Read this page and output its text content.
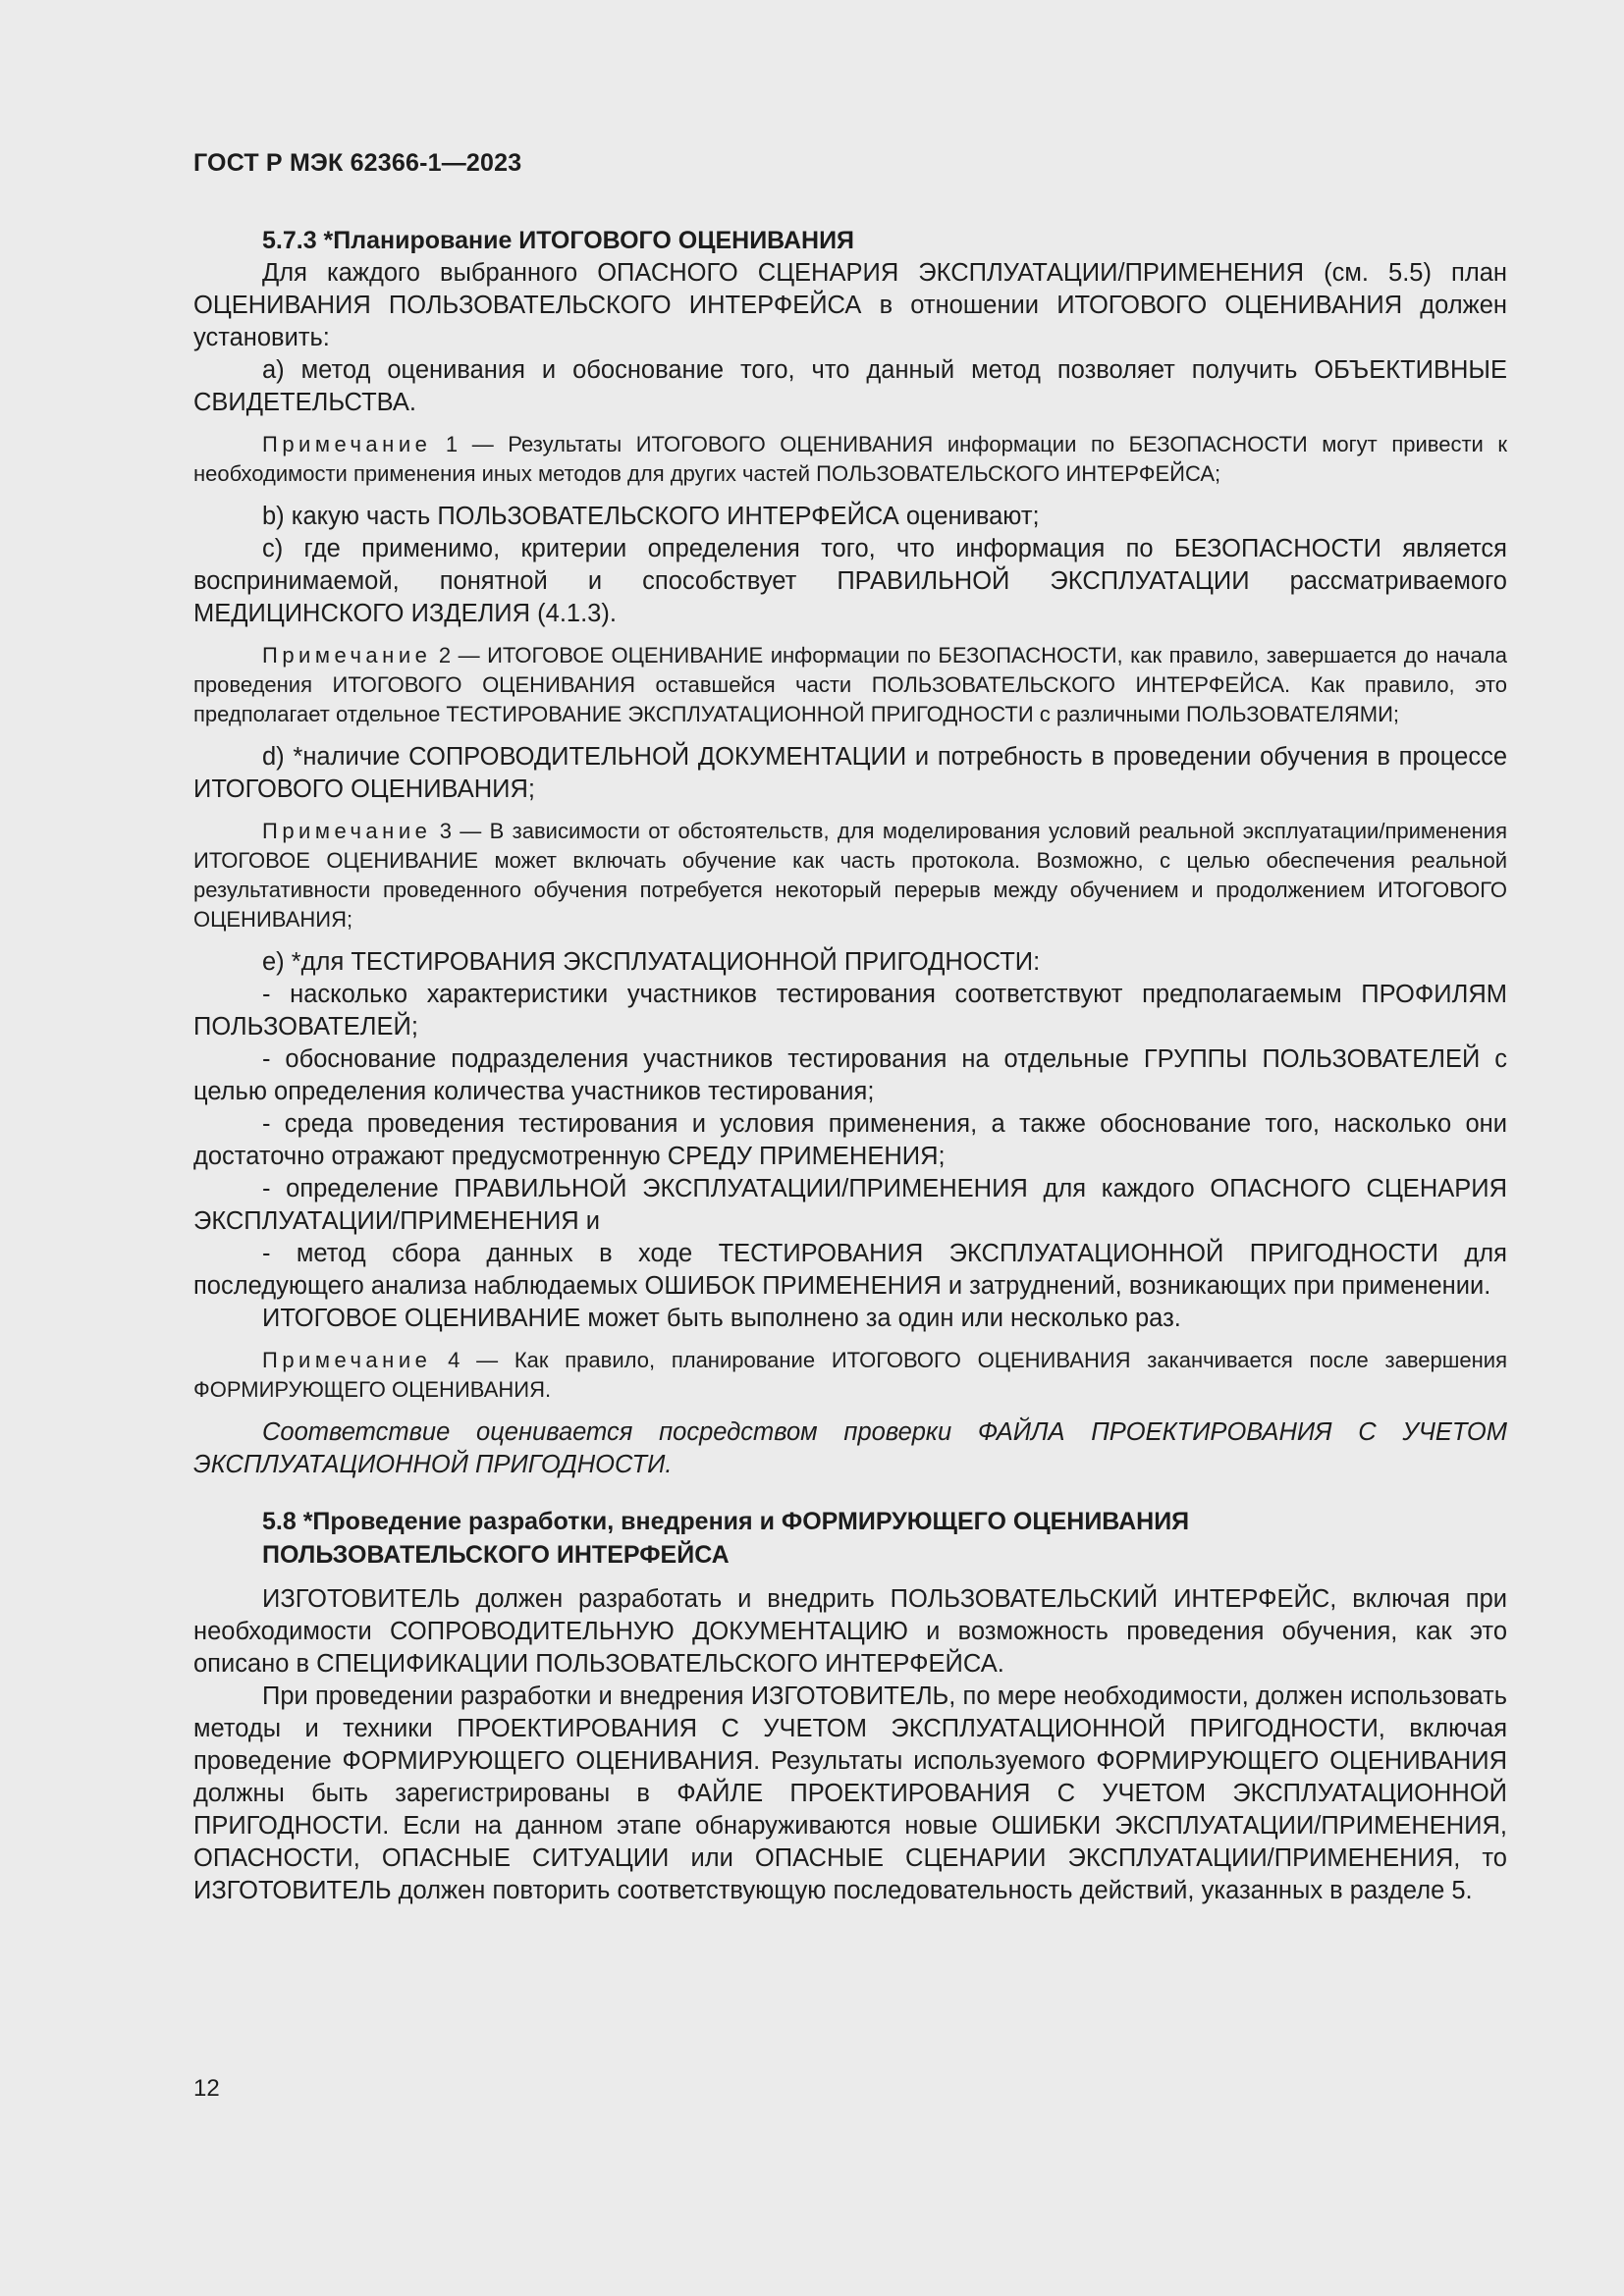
ГОСТ Р МЭК 62366-1—2023

5.7.3 *Планирование ИТОГОВОГО ОЦЕНИВАНИЯ

Для каждого выбранного ОПАСНОГО СЦЕНАРИЯ ЭКСПЛУАТАЦИИ/ПРИМЕНЕНИЯ (см. 5.5) план ОЦЕНИВАНИЯ ПОЛЬЗОВАТЕЛЬСКОГО ИНТЕРФЕЙСА в отношении ИТОГОВОГО ОЦЕНИВАНИЯ должен установить:

а) метод оценивания и обоснование того, что данный метод позволяет получить ОБЪЕКТИВНЫЕ СВИДЕТЕЛЬСТВА.

Примечание 1 — Результаты ИТОГОВОГО ОЦЕНИВАНИЯ информации по БЕЗОПАСНОСТИ могут привести к необходимости применения иных методов для других частей ПОЛЬЗОВАТЕЛЬСКОГО ИНТЕРФЕЙСА;

b) какую часть ПОЛЬЗОВАТЕЛЬСКОГО ИНТЕРФЕЙСА оценивают;

с) где применимо, критерии определения того, что информация по БЕЗОПАСНОСТИ является воспринимаемой, понятной и способствует ПРАВИЛЬНОЙ ЭКСПЛУАТАЦИИ рассматриваемого МЕДИЦИНСКОГО ИЗДЕЛИЯ (4.1.3).

Примечание 2 — ИТОГОВОЕ ОЦЕНИВАНИЕ информации по БЕЗОПАСНОСТИ, как правило, завершается до начала проведения ИТОГОВОГО ОЦЕНИВАНИЯ оставшейся части ПОЛЬЗОВАТЕЛЬСКОГО ИНТЕРФЕЙСА. Как правило, это предполагает отдельное ТЕСТИРОВАНИЕ ЭКСПЛУАТАЦИОННОЙ ПРИГОДНОСТИ с различными ПОЛЬЗОВАТЕЛЯМИ;

d) *наличие СОПРОВОДИТЕЛЬНОЙ ДОКУМЕНТАЦИИ и потребность в проведении обучения в процессе ИТОГОВОГО ОЦЕНИВАНИЯ;

Примечание 3 — В зависимости от обстоятельств, для моделирования условий реальной эксплуатации/применения ИТОГОВОЕ ОЦЕНИВАНИЕ может включать обучение как часть протокола. Возможно, с целью обеспечения реальной результативности проведенного обучения потребуется некоторый перерыв между обучением и продолжением ИТОГОВОГО ОЦЕНИВАНИЯ;

е) *для ТЕСТИРОВАНИЯ ЭКСПЛУАТАЦИОННОЙ ПРИГОДНОСТИ:

- насколько характеристики участников тестирования соответствуют предполагаемым ПРОФИЛЯМ ПОЛЬЗОВАТЕЛЕЙ;

- обоснование подразделения участников тестирования на отдельные ГРУППЫ ПОЛЬЗОВАТЕЛЕЙ с целью определения количества участников тестирования;

- среда проведения тестирования и условия применения, а также обоснование того, насколько они достаточно отражают предусмотренную СРЕДУ ПРИМЕНЕНИЯ;

- определение ПРАВИЛЬНОЙ ЭКСПЛУАТАЦИИ/ПРИМЕНЕНИЯ для каждого ОПАСНОГО СЦЕНАРИЯ ЭКСПЛУАТАЦИИ/ПРИМЕНЕНИЯ и

- метод сбора данных в ходе ТЕСТИРОВАНИЯ ЭКСПЛУАТАЦИОННОЙ ПРИГОДНОСТИ для последующего анализа наблюдаемых ОШИБОК ПРИМЕНЕНИЯ и затруднений, возникающих при применении.

ИТОГОВОЕ ОЦЕНИВАНИЕ может быть выполнено за один или несколько раз.

Примечание 4 — Как правило, планирование ИТОГОВОГО ОЦЕНИВАНИЯ заканчивается после завершения ФОРМИРУЮЩЕГО ОЦЕНИВАНИЯ.

Соответствие оценивается посредством проверки ФАЙЛА ПРОЕКТИРОВАНИЯ С УЧЕТОМ ЭКСПЛУАТАЦИОННОЙ ПРИГОДНОСТИ.

5.8 *Проведение разработки, внедрения и ФОРМИРУЮЩЕГО ОЦЕНИВАНИЯ
ПОЛЬЗОВАТЕЛЬСКОГО ИНТЕРФЕЙСА

ИЗГОТОВИТЕЛЬ должен разработать и внедрить ПОЛЬЗОВАТЕЛЬСКИЙ ИНТЕРФЕЙС, включая при необходимости СОПРОВОДИТЕЛЬНУЮ ДОКУМЕНТАЦИЮ и возможность проведения обучения, как это описано в СПЕЦИФИКАЦИИ ПОЛЬЗОВАТЕЛЬСКОГО ИНТЕРФЕЙСА.

При проведении разработки и внедрения ИЗГОТОВИТЕЛЬ, по мере необходимости, должен использовать методы и техники ПРОЕКТИРОВАНИЯ С УЧЕТОМ ЭКСПЛУАТАЦИОННОЙ ПРИГОДНОСТИ, включая проведение ФОРМИРУЮЩЕГО ОЦЕНИВАНИЯ. Результаты используемого ФОРМИРУЮЩЕГО ОЦЕНИВАНИЯ должны быть зарегистрированы в ФАЙЛЕ ПРОЕКТИРОВАНИЯ С УЧЕТОМ ЭКСПЛУАТАЦИОННОЙ ПРИГОДНОСТИ. Если на данном этапе обнаруживаются новые ОШИБКИ ЭКСПЛУАТАЦИИ/ПРИМЕНЕНИЯ, ОПАСНОСТИ, ОПАСНЫЕ СИТУАЦИИ или ОПАСНЫЕ СЦЕНАРИИ ЭКСПЛУАТАЦИИ/ПРИМЕНЕНИЯ, то ИЗГОТОВИТЕЛЬ должен повторить соответствующую последовательность действий, указанных в разделе 5.

12
